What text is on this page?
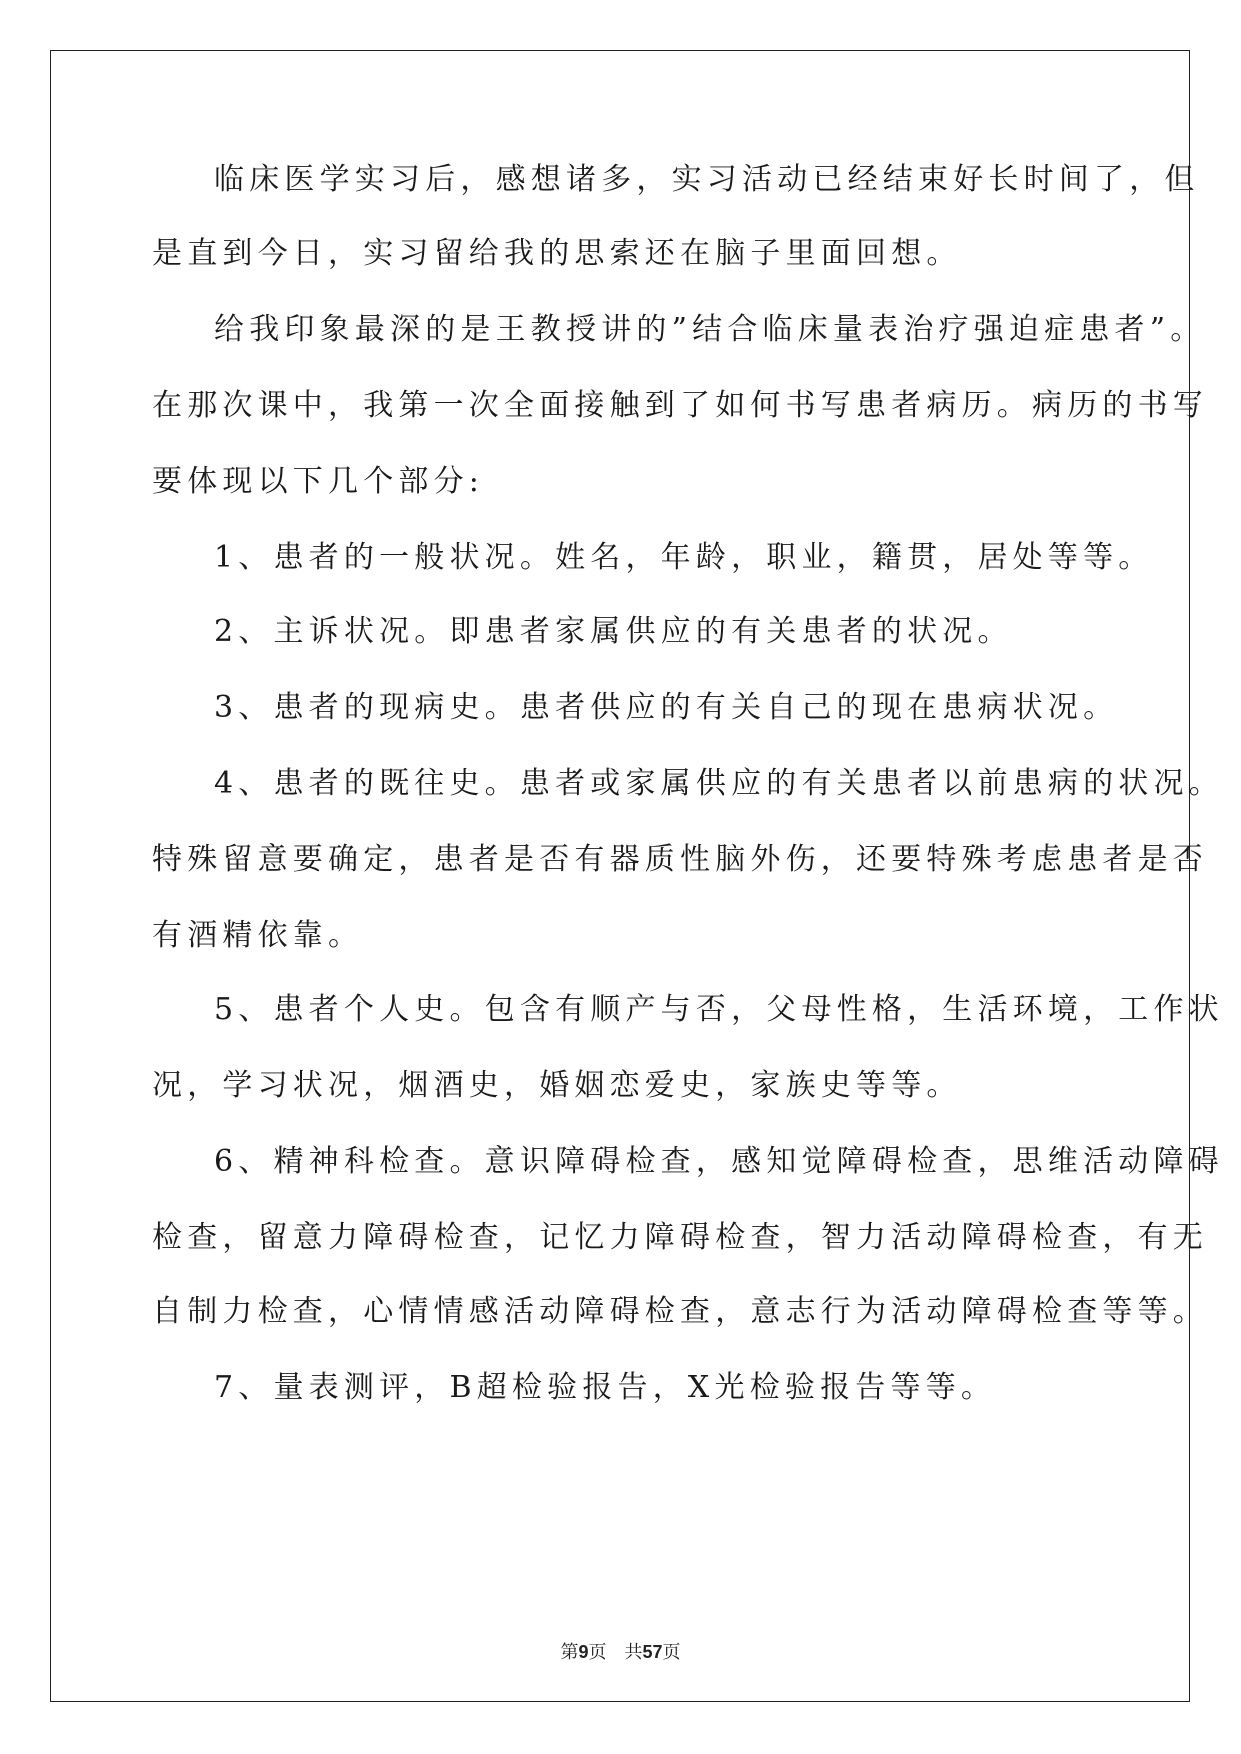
临床医学实习后，感想诸多，实习活动已经结束好长时间了，但
是直到今日，实习留给我的思索还在脑子里面回想。
给我印象最深的是王教授讲的”结合临床量表治疗强迫症患者”。
在那次课中，我第一次全面接触到了如何书写患者病历。病历的书写
要体现以下几个部分:
1、患者的一般状况。姓名，年龄，职业，籍贯，居处等等。
2、主诉状况。即患者家属供应的有关患者的状况。
3、患者的现病史。患者供应的有关自己的现在患病状况。
4、患者的既往史。患者或家属供应的有关患者以前患病的状况。
特殊留意要确定，患者是否有器质性脑外伤，还要特殊考虑患者是否
有酒精依靠。
5、患者个人史。包含有顺产与否，父母性格，生活环境，工作状
况，学习状况，烟酒史，婚姻恋爱史，家族史等等。
6、精神科检查。意识障碍检查，感知觉障碍检查，思维活动障碍
检查，留意力障碍检查，记忆力障碍检查，智力活动障碍检查，有无
自制力检查，心情情感活动障碍检查，意志行为活动障碍检查等等。
7、量表测评，B超检验报告，X光检验报告等等。
第9页　共57页
